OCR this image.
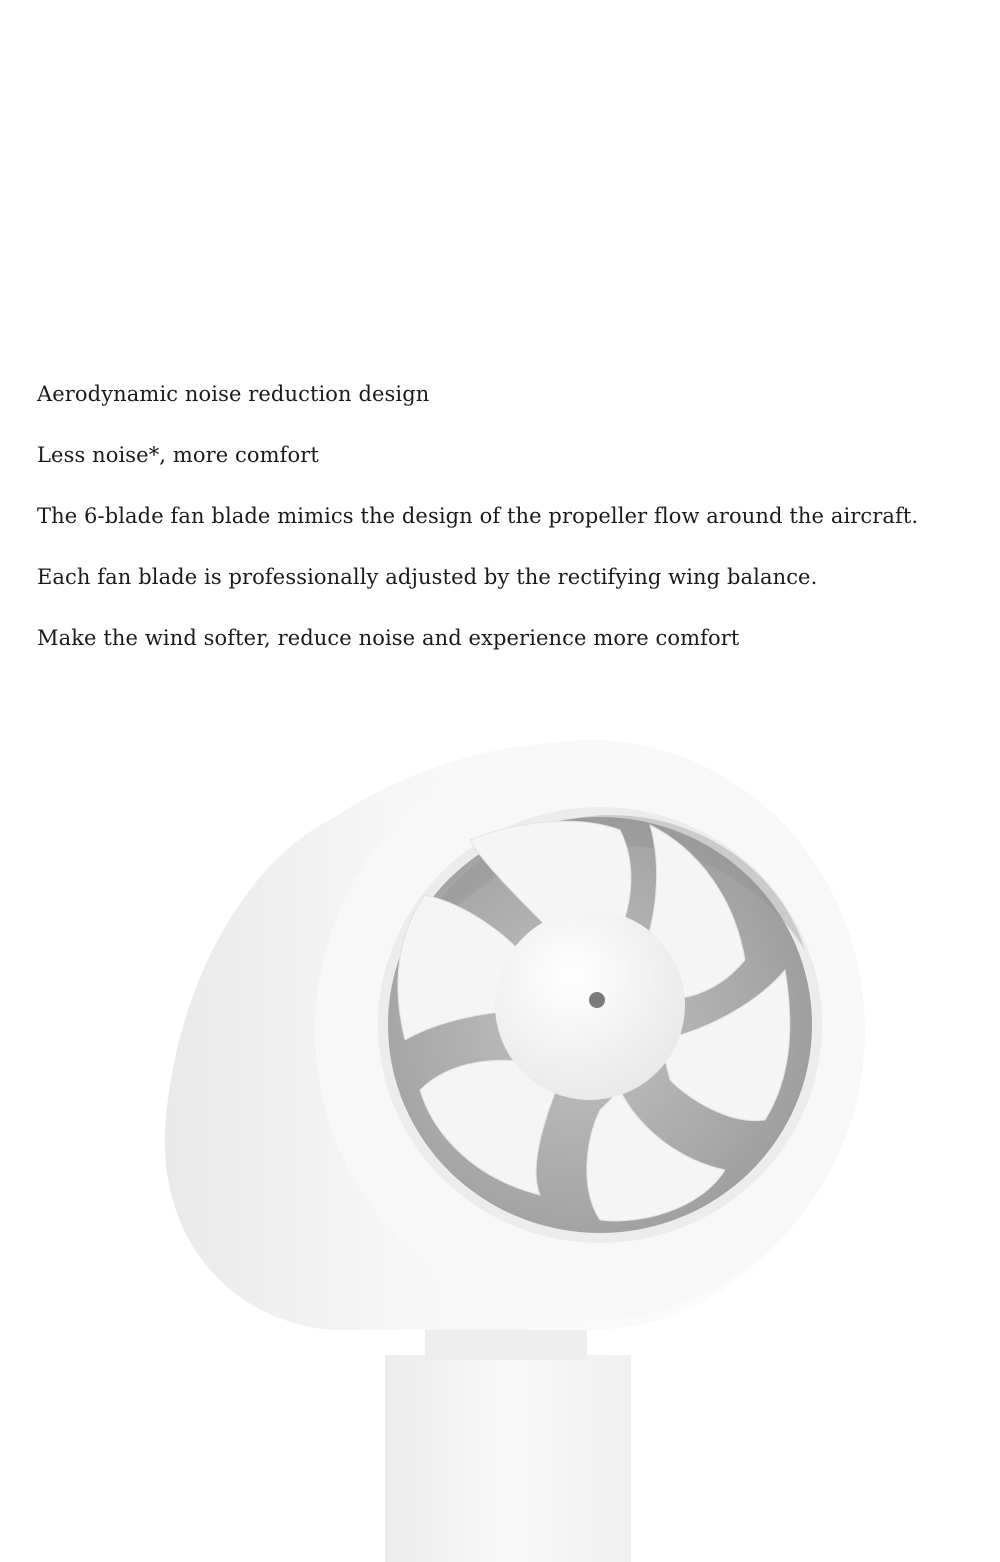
Aerodynamic noise reduction design

Less noise*, more comfort

The 6-blade fan blade mimics the design of the propeller flow around the aircraft.

Each fan blade is professionally adjusted by the rectifying wing balance.

Make the wind softer, reduce noise and experience more comfort
